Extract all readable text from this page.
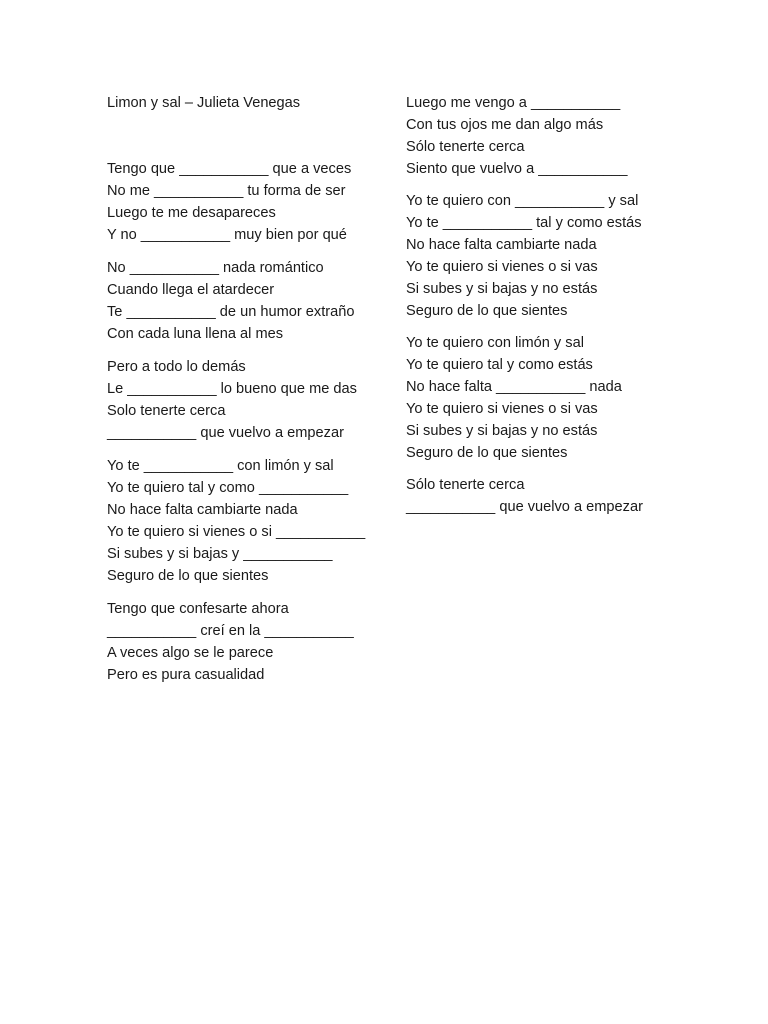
Limon y sal – Julieta Venegas

Tengo que ___________ que a veces

No me ___________ tu forma de ser

Luego te me desapareces

Y no ___________ muy bien por qué

No ___________ nada romántico

Cuando llega el atardecer

Te ___________ de un humor extraño

Con cada luna llena al mes

Pero a todo lo demás

Le ___________ lo bueno que me das

Solo tenerte cerca

___________ que vuelvo a empezar

Yo te ___________ con limón y sal

Yo te quiero tal y como ___________

No hace falta cambiarte nada

Yo te quiero si vienes o si ___________

Si subes y si bajas y ___________

Seguro de lo que sientes

Tengo que confesarte ahora

___________ creí en la ___________

A veces algo se le parece

Pero es pura casualidad

Luego me vengo a ___________

Con tus ojos me dan algo más

Sólo tenerte cerca

Siento que vuelvo a ___________

Yo te quiero con ___________ y sal

Yo te ___________ tal y como estás

No hace falta cambiarte nada

Yo te quiero si vienes o si vas

Si subes y si bajas y no estás

Seguro de lo que sientes

Yo te quiero con limón y sal

Yo te quiero tal y como estás

No hace falta ___________ nada

Yo te quiero si vienes o si vas

Si subes y si bajas y no estás

Seguro de lo que sientes

Sólo tenerte cerca

___________ que vuelvo a empezar
